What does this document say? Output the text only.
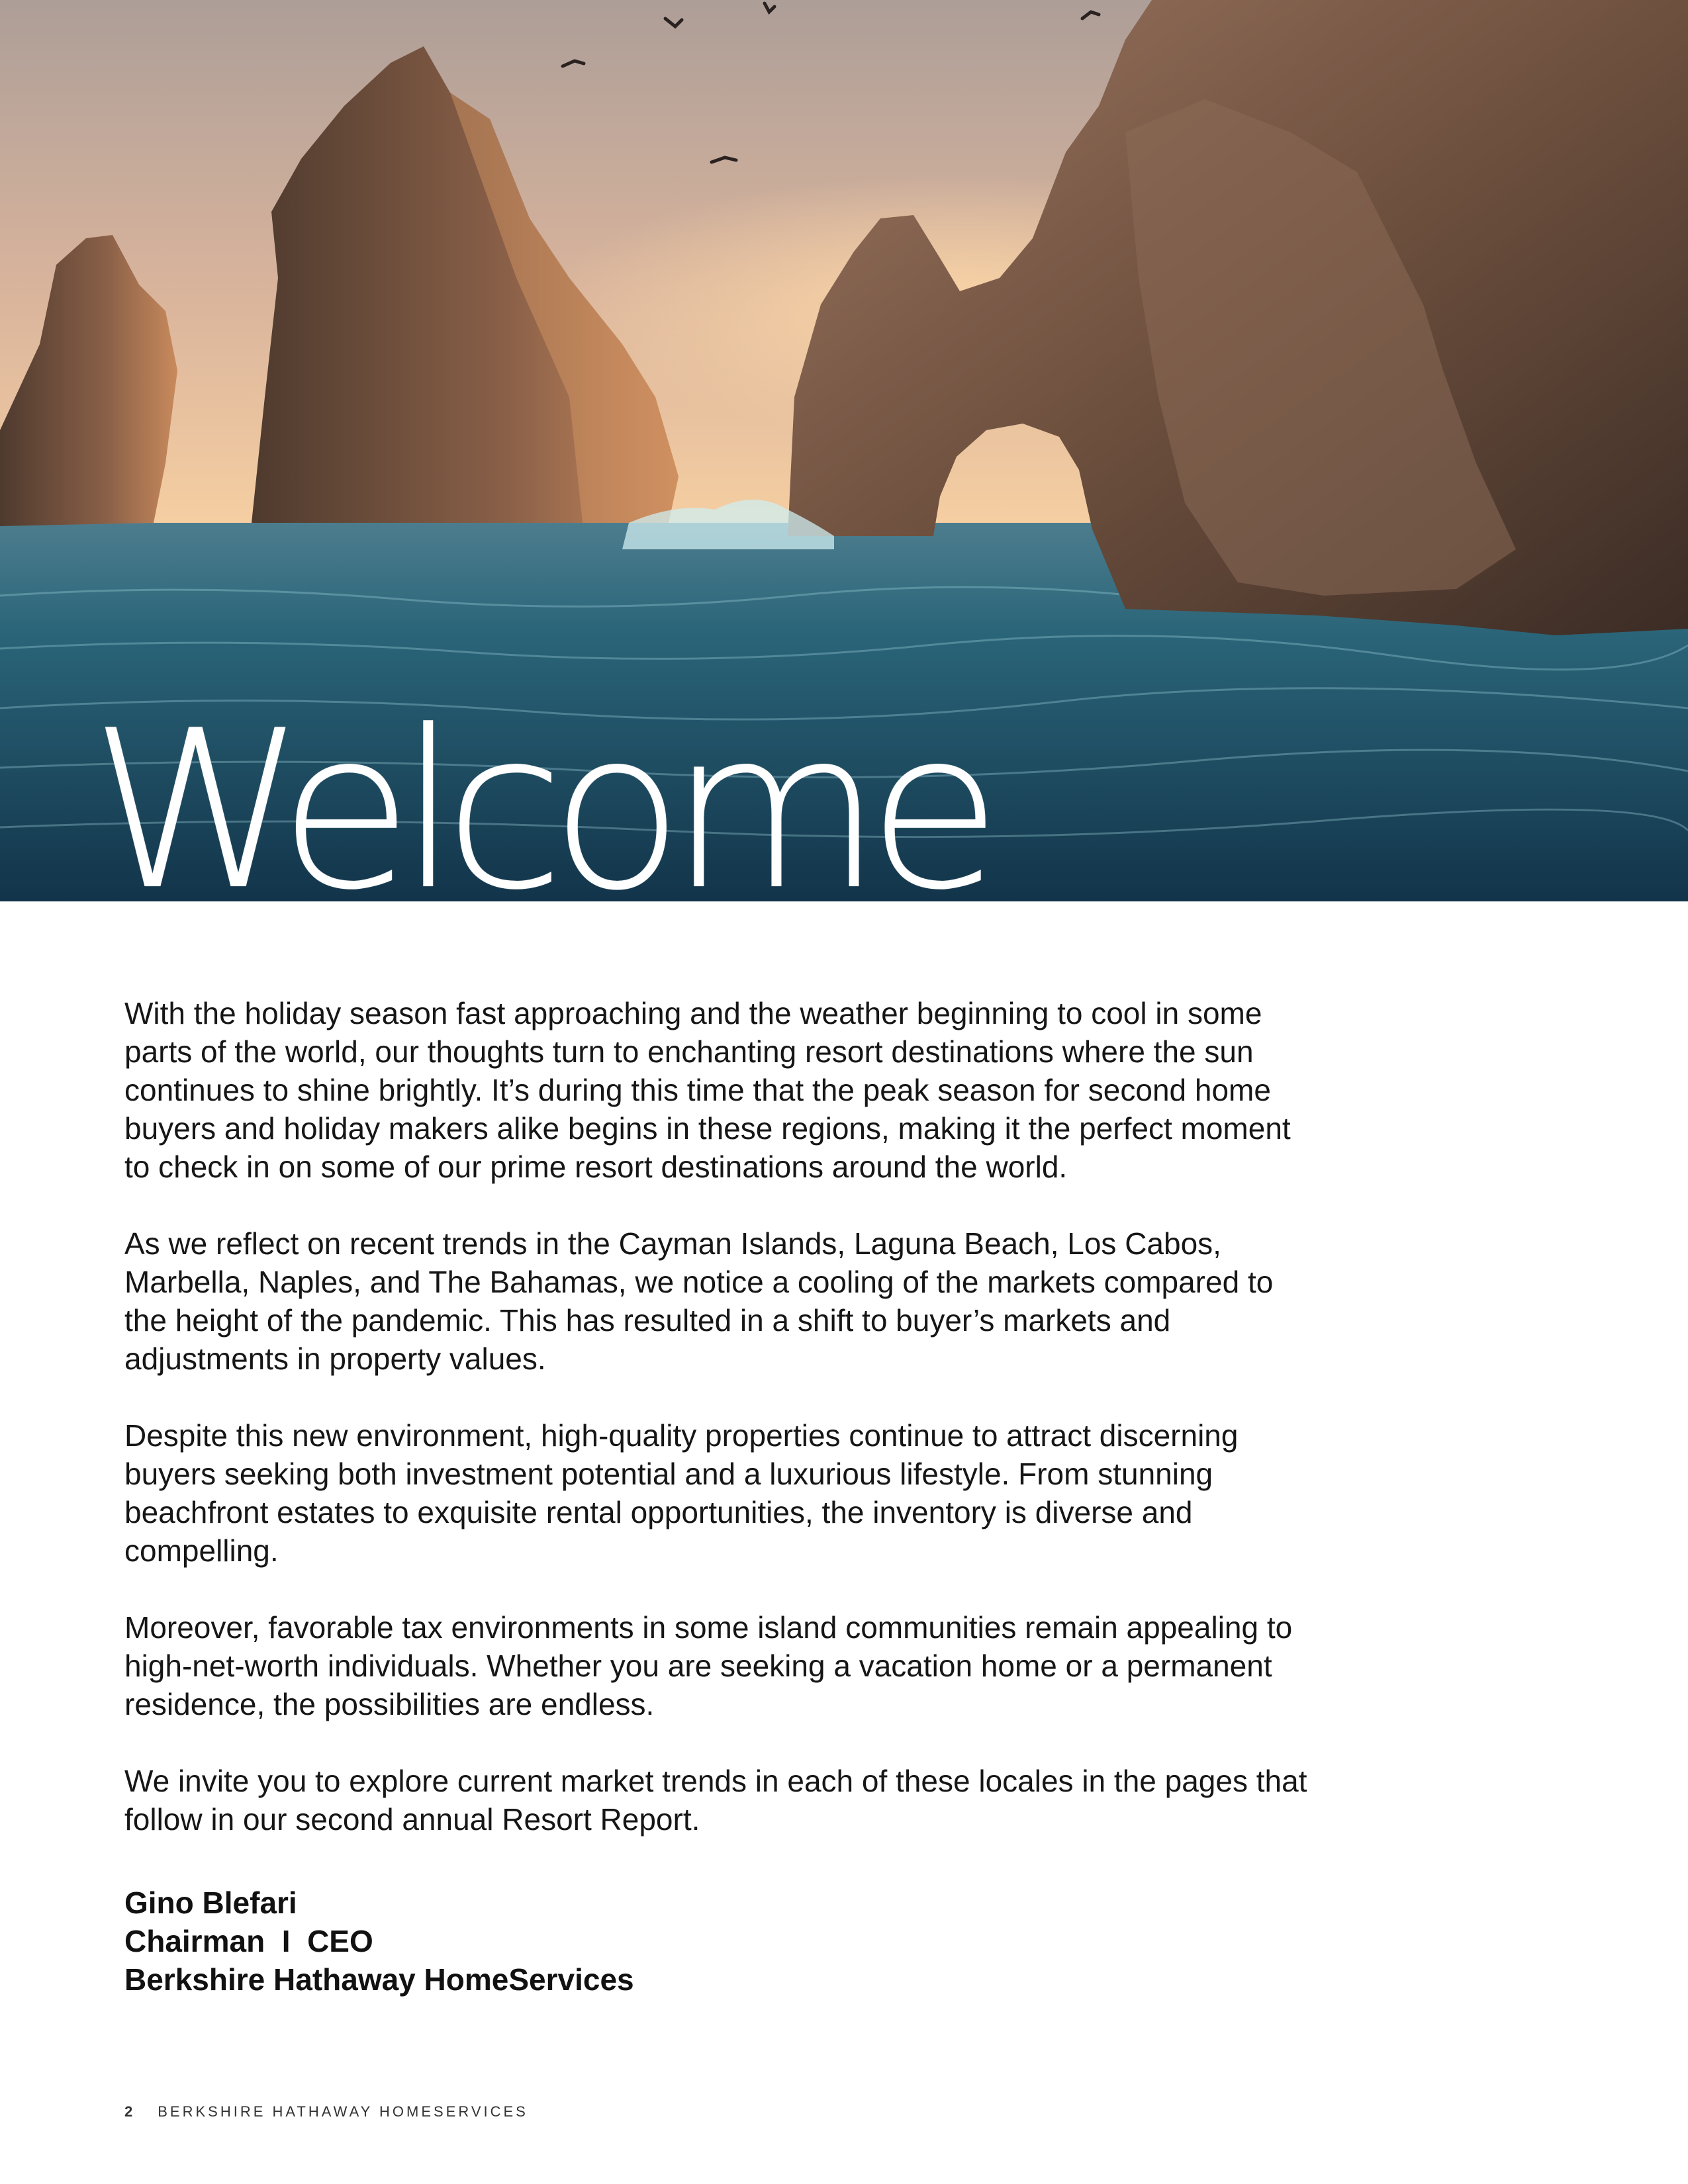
Welcome

With the holiday season fast approaching and the weather beginning to cool in some parts of the world, our thoughts turn to enchanting resort destinations where the sun continues to shine brightly. It’s during this time that the peak season for second home buyers and holiday makers alike begins in these regions, making it the perfect moment to check in on some of our prime resort destinations around the world.

As we reflect on recent trends in the Cayman Islands, Laguna Beach, Los Cabos, Marbella, Naples, and The Bahamas, we notice a cooling of the markets compared to the height of the pandemic. This has resulted in a shift to buyer’s markets and adjustments in property values.

Despite this new environment, high-quality properties continue to attract discerning buyers seeking both investment potential and a luxurious lifestyle. From stunning beachfront estates to exquisite rental opportunities, the inventory is diverse and compelling.

Moreover, favorable tax environments in some island communities remain appealing to high-net-worth individuals. Whether you are seeking a vacation home or a permanent residence, the possibilities are endless.

We invite you to explore current market trends in each of these locales in the pages that follow in our second annual Resort Report.

Gino Blefari
Chairman  I  CEO
Berkshire Hathaway HomeServices
2 BERKSHIRE HATHAWAY HOMESERVICES
